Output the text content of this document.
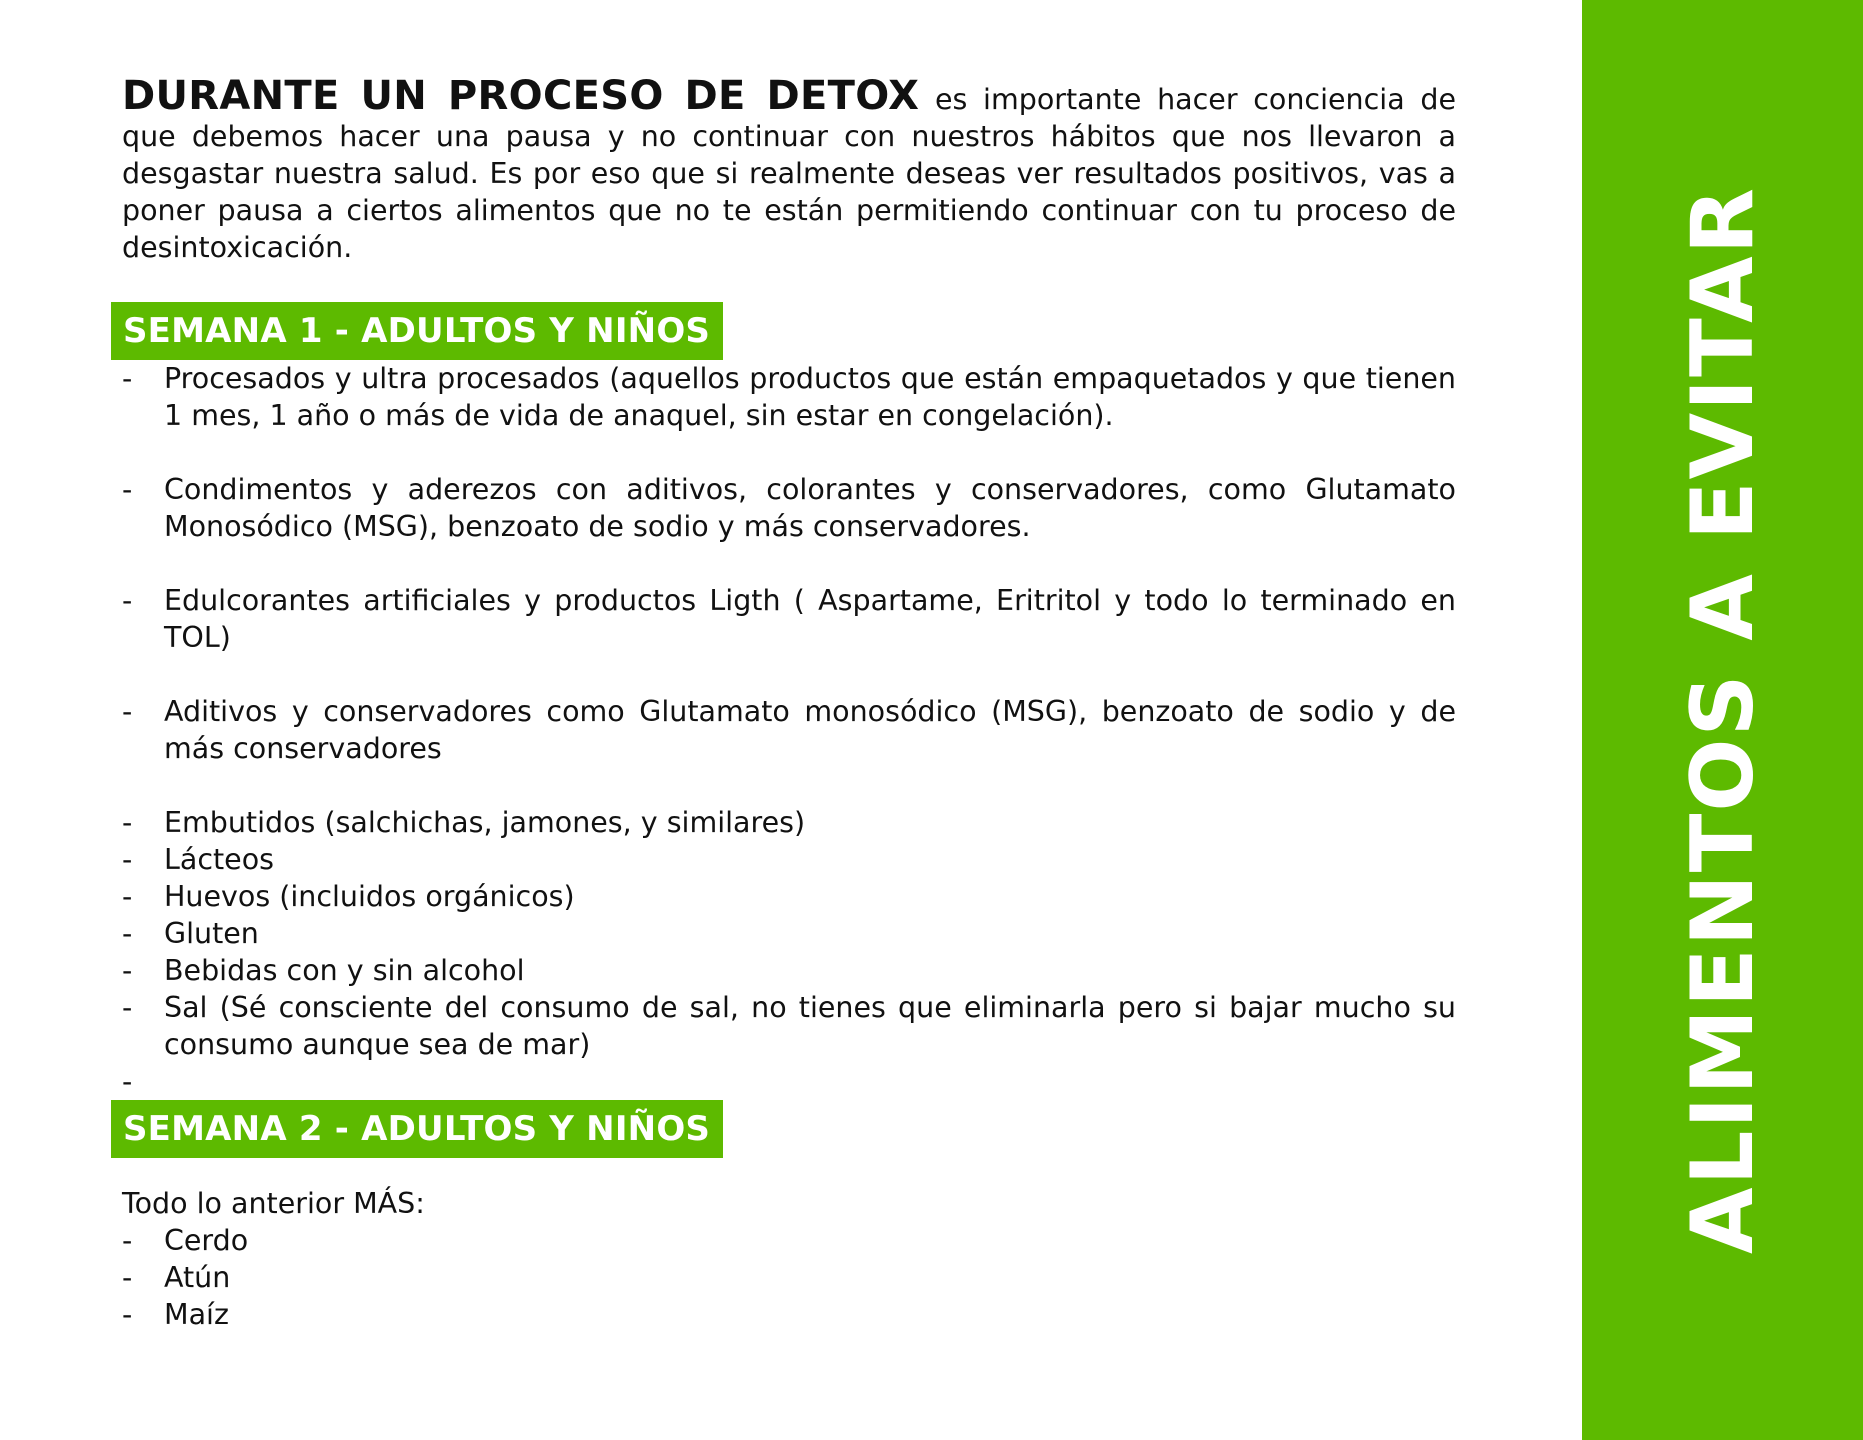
DURANTE UN PROCESO DE DETOX es importante hacer conciencia de que debemos hacer una pausa y no continuar con nuestros hábitos que nos llevaron a desgastar nuestra salud. Es por eso que si realmente deseas ver resultados positivos, vas a poner pausa a ciertos alimentos que no te están permitiendo continuar con tu proceso de desintoxicación.

SEMANA 1 - ADULTOS Y NIÑOS
- Procesados y ultra procesados (aquellos productos que están empaquetados y que tienen 1 mes, 1 año o más de vida de anaquel, sin estar en congelación).
- Condimentos y aderezos con aditivos, colorantes y conservadores, como Glutamato Monosódico (MSG), benzoato de sodio y más conservadores.
- Edulcorantes artificiales y productos Ligth ( Aspartame, Eritritol y todo lo terminado en TOL)
- Aditivos y conservadores como Glutamato monosódico (MSG), benzoato de sodio y de más conservadores
- Embutidos (salchichas, jamones, y similares)
- Lácteos
- Huevos (incluidos orgánicos)
- Gluten
- Bebidas con y sin alcohol
- Sal (Sé consciente del consumo de sal, no tienes que eliminarla pero si bajar mucho su consumo aunque sea de mar)
-
SEMANA 2 - ADULTOS Y NIÑOS

Todo lo anterior MÁS:

- Cerdo
- Atún
- Maíz
ALIMENTOS A EVITAR
